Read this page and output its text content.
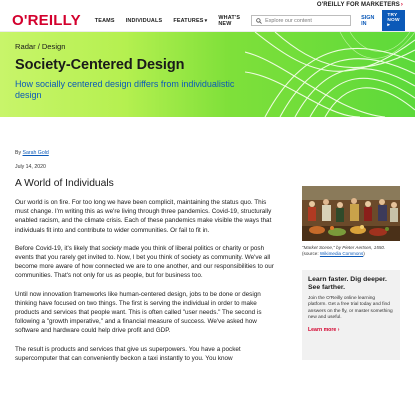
O'REILLY FOR MARKETERS›
O'REILLY	TEAMS INDIVIDUALS FEATURES▾ WHAT'S NEW
Explore our content
SIGN IN
TRY NOW ▸
Radar / Design
Society-Centered Design
How socially centered design differs from individualistic design
By Sarah Gold
July 14, 2020
A World of Individuals

Our world is on fire. For too long we have been complicit, maintaining the status quo. This must change. I'm writing this as we're living through three pandemics. Covid-19, structurally enabled racism, and the climate crisis. Each of these pandemics make visible the ways that individuals fit into and contribute to wider communities. Or fail to fit in.

Before Covid-19, it's likely that society made you think of liberal politics or charity or posh events that you rarely get invited to. Now, I bet you think of society as community. We've all become more aware of how connected we are to one another, and our responsibilities to our communities. That's not only for us as people, but for business too.

Until now innovation frameworks like human-centered design, jobs to be done or design thinking have focused on two things. The first is serving the individual in order to make products and services that people want. This is often called "user needs." The second is following a "growth imperative," and a financial measure of success. We've asked how software and hardware could help drive profit and GDP.

The result is products and services that give us superpowers. You have a pocket supercomputer that can conveniently beckon a taxi instantly to you. You know

"Market Scene," by Pieter Aertsen, 1550. (source: Wikimedia Commons)
Learn faster. Dig deeper. See farther.
Join the O'Reilly online learning platform. Get a free trial today and find answers on the fly, or master something new and useful.
Learn more ›
